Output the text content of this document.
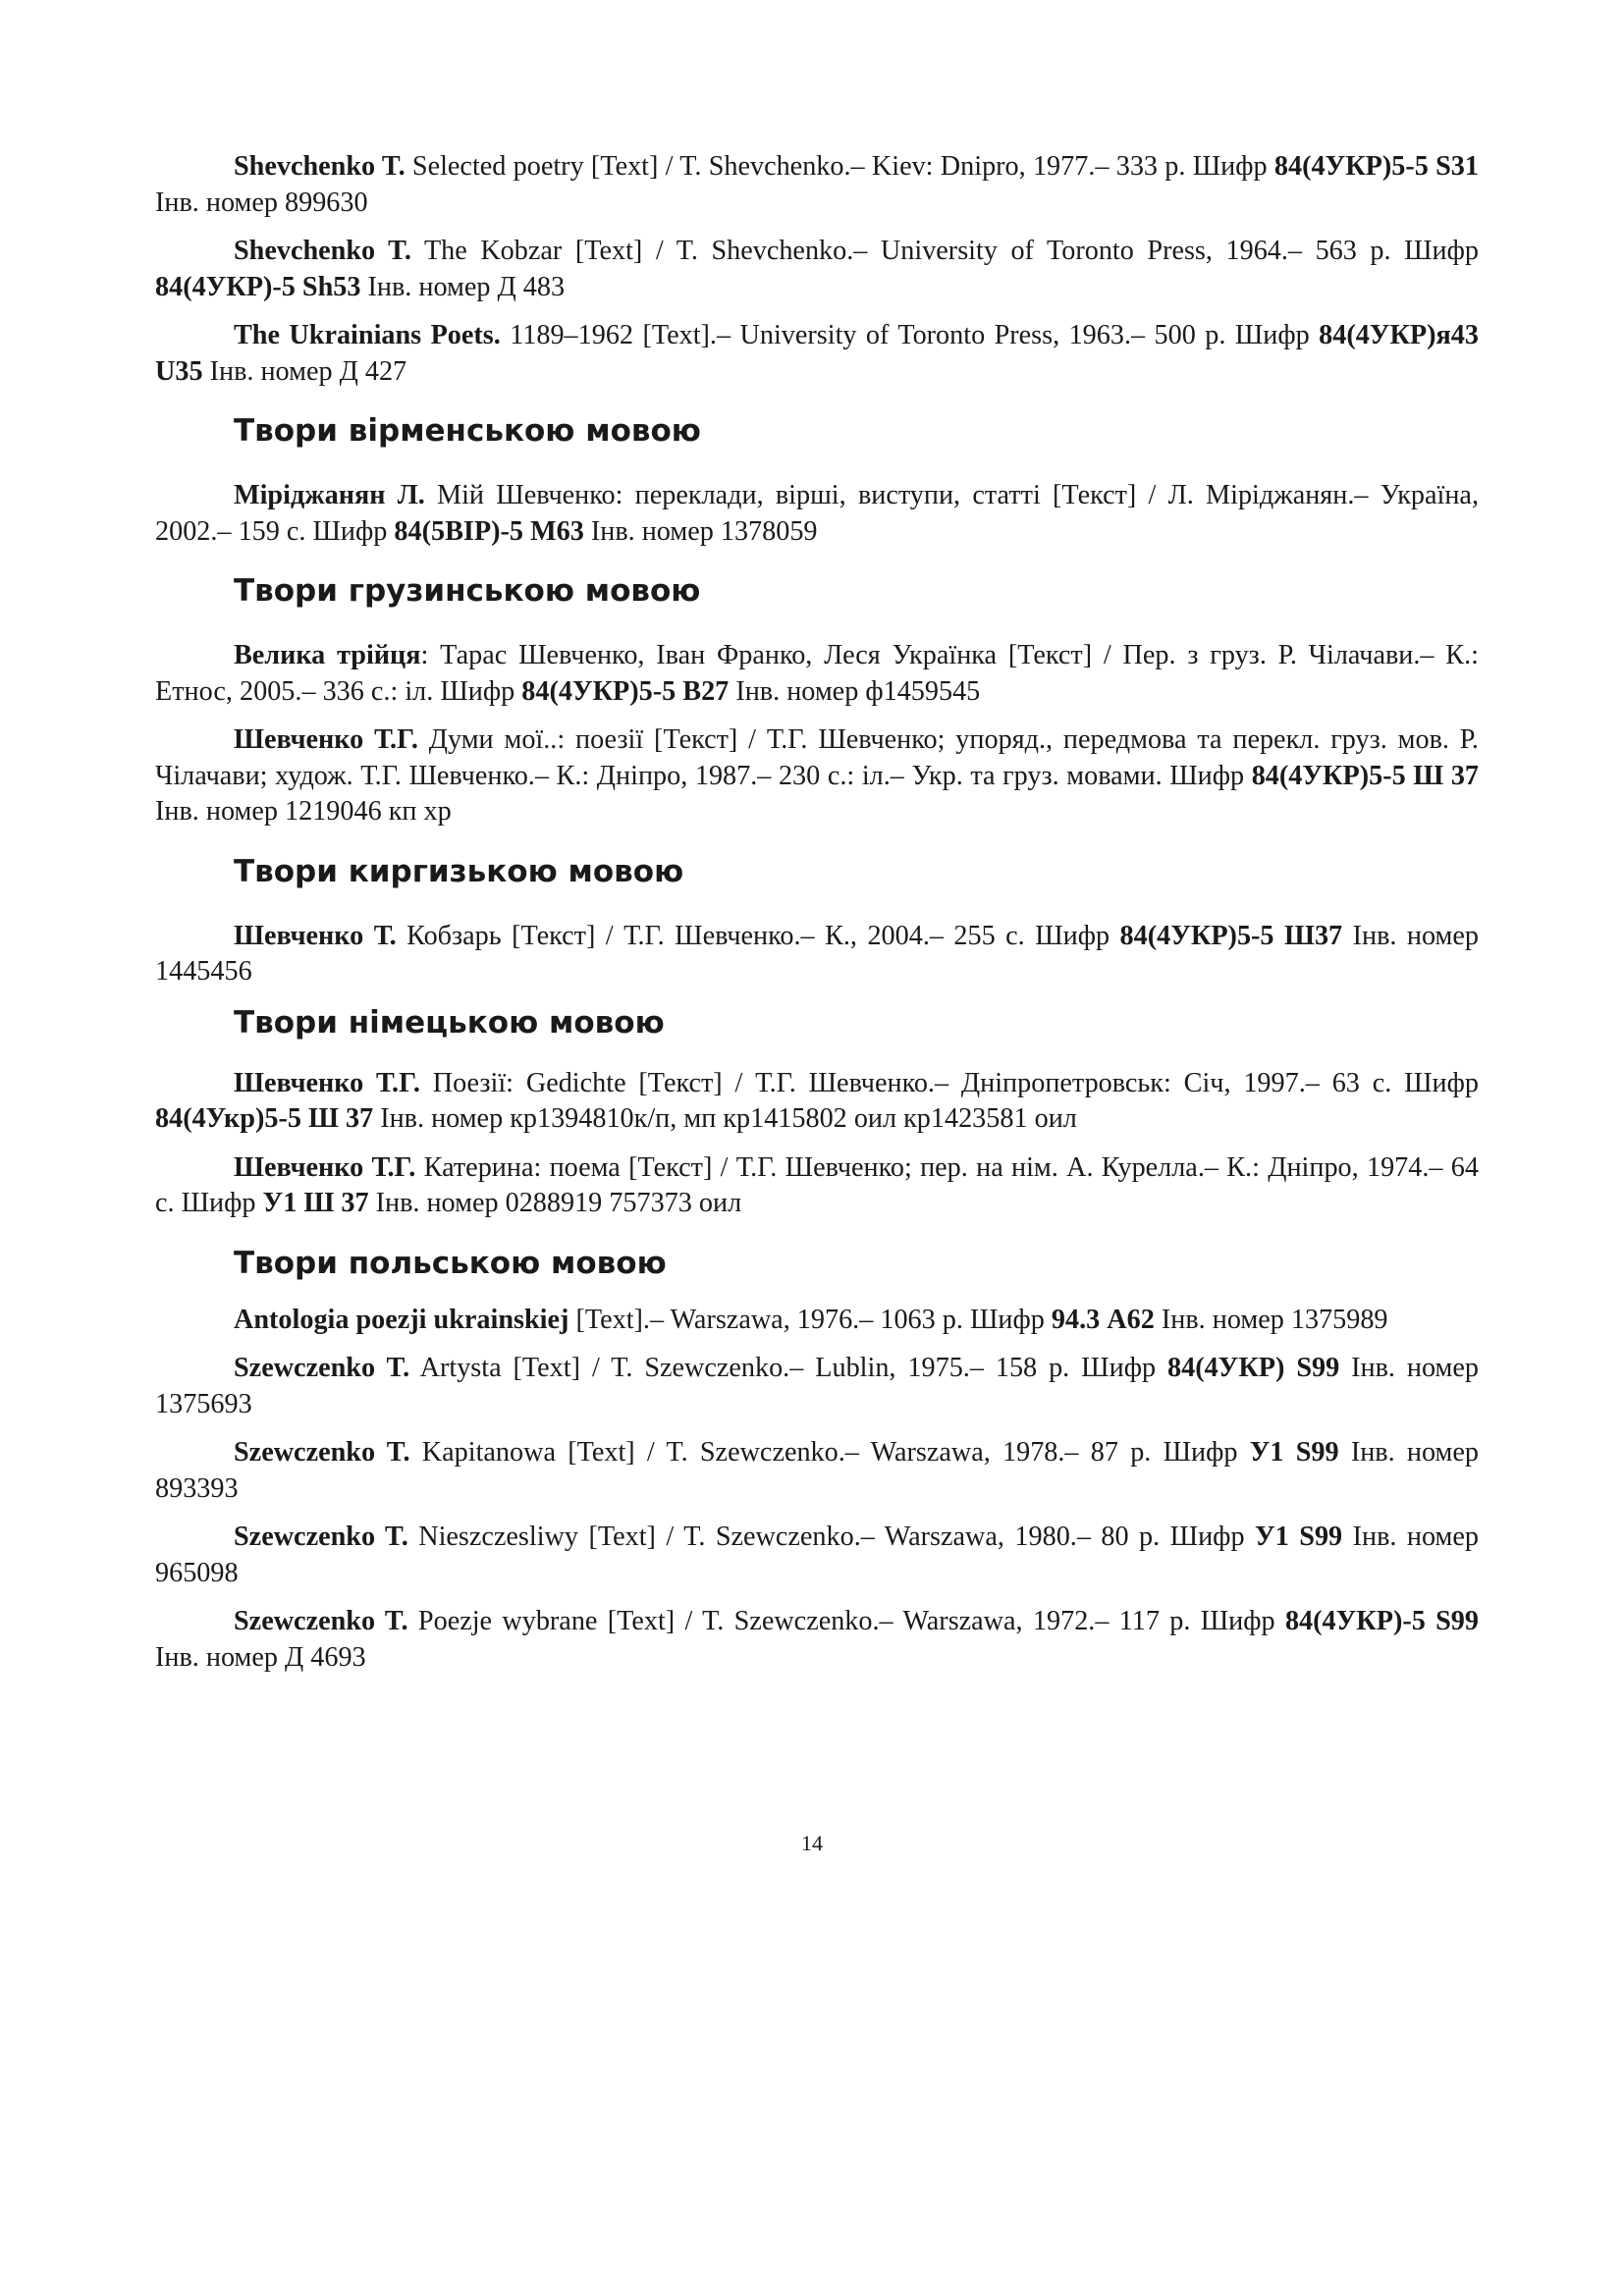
Shevchenko T. Selected poetry [Text] / T. Shevchenko.– Kiev: Dnipro, 1977.– 333 p. Шифр 84(4УКР)5-5 S31 Інв. номер 899630

Shevchenko T. The Kobzar [Text] / T. Shevchenko.– University of Toronto Press, 1964.– 563 p. Шифр 84(4УКР)-5 Sh53 Інв. номер Д 483

The Ukrainians Poets. 1189–1962 [Text].– University of Toronto Press, 1963.– 500 p. Шифр 84(4УКР)я43 U35 Інв. номер Д 427

Твори вірменською мовою

Міріджанян Л. Мій Шевченко: переклади, вірші, виступи, статті [Текст] / Л. Міріджанян.– Україна, 2002.– 159 с. Шифр 84(5ВІР)-5 М63 Інв. номер 1378059

Твори грузинською мовою

Велика трійця: Тарас Шевченко, Іван Франко, Леся Українка [Текст] / Пер. з груз. Р. Чілачави.– К.: Етнос, 2005.– 336 с.: іл. Шифр 84(4УКР)5-5 В27 Інв. номер ф1459545

Шевченко Т.Г. Думи мої..: поезії [Текст] / Т.Г. Шевченко; упоряд., передмова та перекл. груз. мов. Р. Чілачави; худож. Т.Г. Шевченко.– К.: Дніпро, 1987.– 230 с.: іл.– Укр. та груз. мовами. Шифр 84(4УКР)5-5 Ш 37 Інв. номер 1219046 кп хр

Твори киргизькою мовою

Шевченко Т. Кобзарь [Текст] / Т.Г. Шевченко.– К., 2004.– 255 с. Шифр 84(4УКР)5-5 Ш37 Інв. номер 1445456

Твори німецькою мовою

Шевченко Т.Г. Поезії: Gedichte [Текст] / Т.Г. Шевченко.– Дніпропетровськ: Січ, 1997.– 63 с. Шифр 84(4Укр)5-5 Ш 37 Інв. номер кр1394810к/п, мп кр1415802 оил кр1423581 оил

Шевченко Т.Г. Катерина: поема [Текст] / Т.Г. Шевченко; пер. на нім. А. Курелла.– К.: Дніпро, 1974.– 64 с. Шифр У1 Ш 37 Інв. номер 0288919 757373 оил

Твори польською мовою

Antologia poezji ukrainskiej [Text].– Warszawa, 1976.– 1063 p. Шифр 94.3 A62 Інв. номер 1375989

Szewczenko T. Artysta [Text] / T. Szewczenko.– Lublin, 1975.– 158 p. Шифр 84(4УКР) S99 Інв. номер 1375693

Szewczenko T. Kapitanowa [Text] / T. Szewczenko.– Warszawa, 1978.– 87 p. Шифр У1 S99 Інв. номер 893393

Szewczenko T. Nieszczesliwy [Text] / T. Szewczenko.– Warszawa, 1980.– 80 p. Шифр У1 S99 Інв. номер 965098

Szewczenko T. Poezje wybrane [Text] / T. Szewczenko.– Warszawa, 1972.– 117 p. Шифр 84(4УКР)-5 S99 Інв. номер Д 4693

14
